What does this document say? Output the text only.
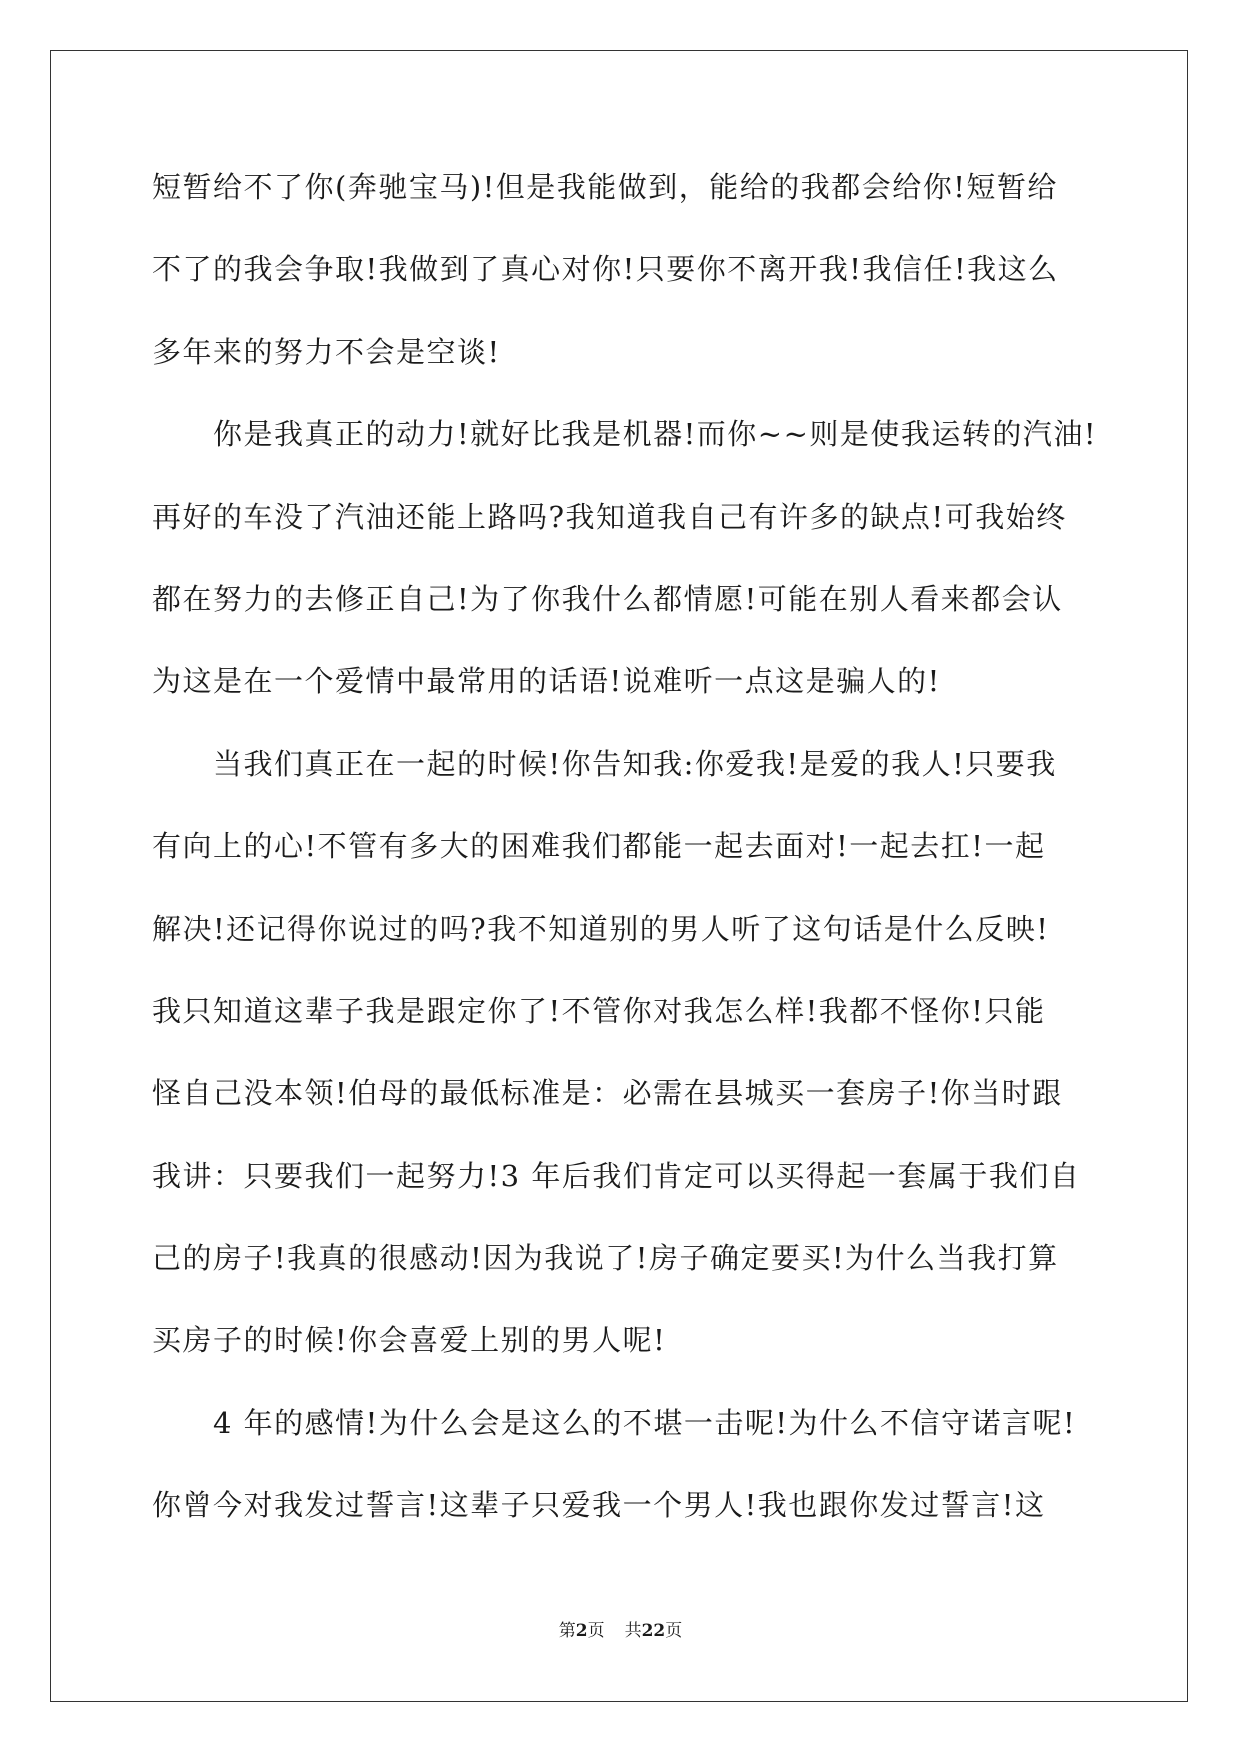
短暂给不了你(奔驰宝马)!但是我能做到，能给的我都会给你!短暂给
不了的我会争取!我做到了真心对你!只要你不离开我!我信任!我这么
多年来的努力不会是空谈!
　　你是我真正的动力!就好比我是机器!而你~~则是使我运转的汽油!
再好的车没了汽油还能上路吗?我知道我自己有许多的缺点!可我始终
都在努力的去修正自己!为了你我什么都情愿!可能在别人看来都会认
为这是在一个爱情中最常用的话语!说难听一点这是骗人的!
　　当我们真正在一起的时候!你告知我:你爱我!是爱的我人!只要我
有向上的心!不管有多大的困难我们都能一起去面对!一起去扛!一起
解决!还记得你说过的吗?我不知道别的男人听了这句话是什么反映!
我只知道这辈子我是跟定你了!不管你对我怎么样!我都不怪你!只能
怪自己没本领!伯母的最低标准是：必需在县城买一套房子!你当时跟
我讲：只要我们一起努力!3 年后我们肯定可以买得起一套属于我们自
己的房子!我真的很感动!因为我说了!房子确定要买!为什么当我打算
买房子的时候!你会喜爱上别的男人呢!
　　4 年的感情!为什么会是这么的不堪一击呢!为什么不信守诺言呢!
你曾今对我发过誓言!这辈子只爱我一个男人!我也跟你发过誓言!这
第2页 共22页
